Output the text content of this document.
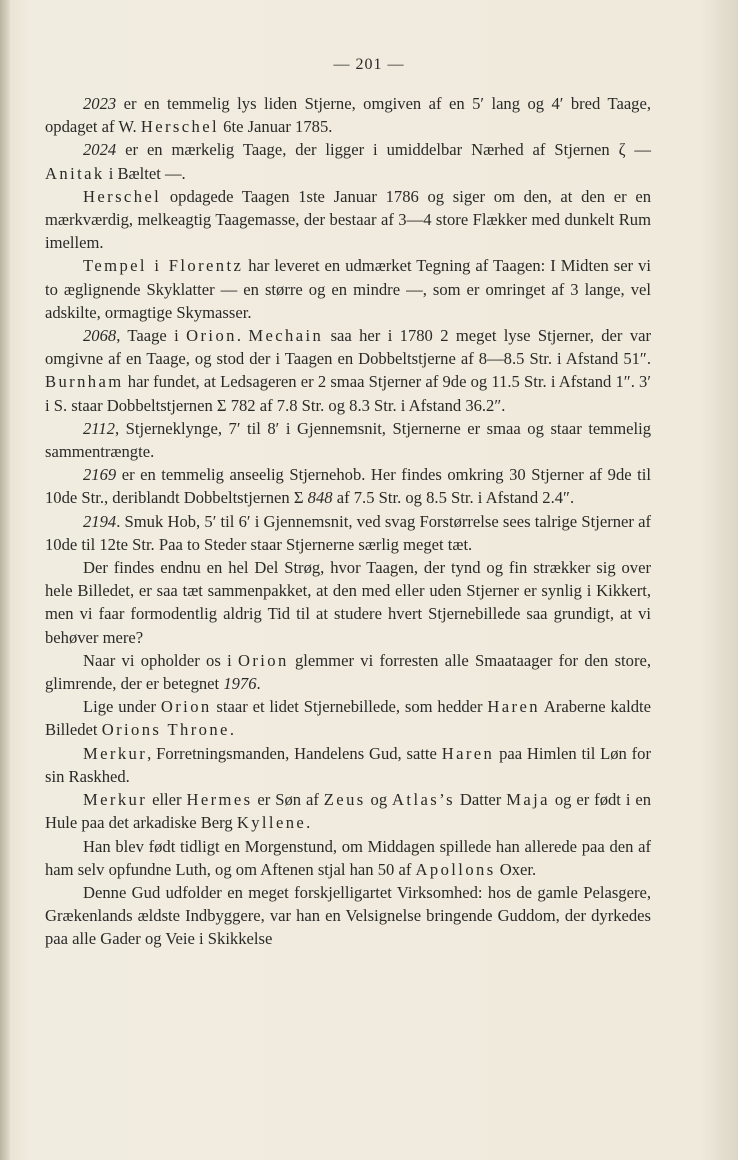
— 201 —

2023 er en temmelig lys liden Stjerne, omgiven af en 5′ lang og 4′ bred Taage, opdaget af W. Herschel 6te Januar 1785.

2024 er en mærkelig Taage, der ligger i umiddelbar Nærhed af Stjernen ζ — Anitak i Bæltet —.

Herschel opdagede Taagen 1ste Januar 1786 og siger om den, at den er en mærkværdig, melkeagtig Taagemasse, der bestaar af 3—4 store Flækker med dunkelt Rum imellem.

Tempel i Florentz har leveret en udmærket Tegning af Taagen: I Midten ser vi to æglignende Skyklatter — en større og en mindre —, som er omringet af 3 lange, vel adskilte, ormagtige Skymasser.

2068, Taage i Orion. Mechain saa her i 1780 2 meget lyse Stjerner, der var omgivne af en Taage, og stod der i Taagen en Dobbeltstjerne af 8—8.5 Str. i Afstand 51″. Burnham har fundet, at Ledsageren er 2 smaa Stjerner af 9de og 11.5 Str. i Afstand 1″. 3′ i S. staar Dobbeltstjernen Σ 782 af 7.8 Str. og 8.3 Str. i Afstand 36.2″.

2112, Stjerneklynge, 7′ til 8′ i Gjennemsnit, Stjernerne er smaa og staar temmelig sammentrængte.

2169 er en temmelig anseelig Stjernehob. Her findes omkring 30 Stjerner af 9de til 10de Str., deriblandt Dobbeltstjernen Σ 848 af 7.5 Str. og 8.5 Str. i Afstand 2.4″.

2194. Smuk Hob, 5′ til 6′ i Gjennemsnit, ved svag Forstørrelse sees talrige Stjerner af 10de til 12te Str. Paa to Steder staar Stjernerne særlig meget tæt.

Der findes endnu en hel Del Strøg, hvor Taagen, der tynd og fin strækker sig over hele Billedet, er saa tæt sammenpakket, at den med eller uden Stjerner er synlig i Kikkert, men vi faar formodentlig aldrig Tid til at studere hvert Stjernebillede saa grundigt, at vi behøver mere?

Naar vi opholder os i Orion glemmer vi forresten alle Smaataager for den store, glimrende, der er betegnet 1976.

Lige under Orion staar et lidet Stjernebillede, som hedder Haren Araberne kaldte Billedet Orions Throne.

Merkur, Forretningsmanden, Handelens Gud, satte Haren paa Himlen til Løn for sin Raskhed.

Merkur eller Hermes er Søn af Zeus og Atlas’s Datter Maja og er født i en Hule paa det arkadiske Berg Kyllene.

Han blev født tidligt en Morgenstund, om Middagen spillede han allerede paa den af ham selv opfundne Luth, og om Aftenen stjal han 50 af Apollons Oxer.

Denne Gud udfolder en meget forskjelligartet Virksomhed: hos de gamle Pelasgere, Grækenlands ældste Indbyggere, var han en Velsignelse bringende Guddom, der dyrkedes paa alle Gader og Veie i Skikkelse
